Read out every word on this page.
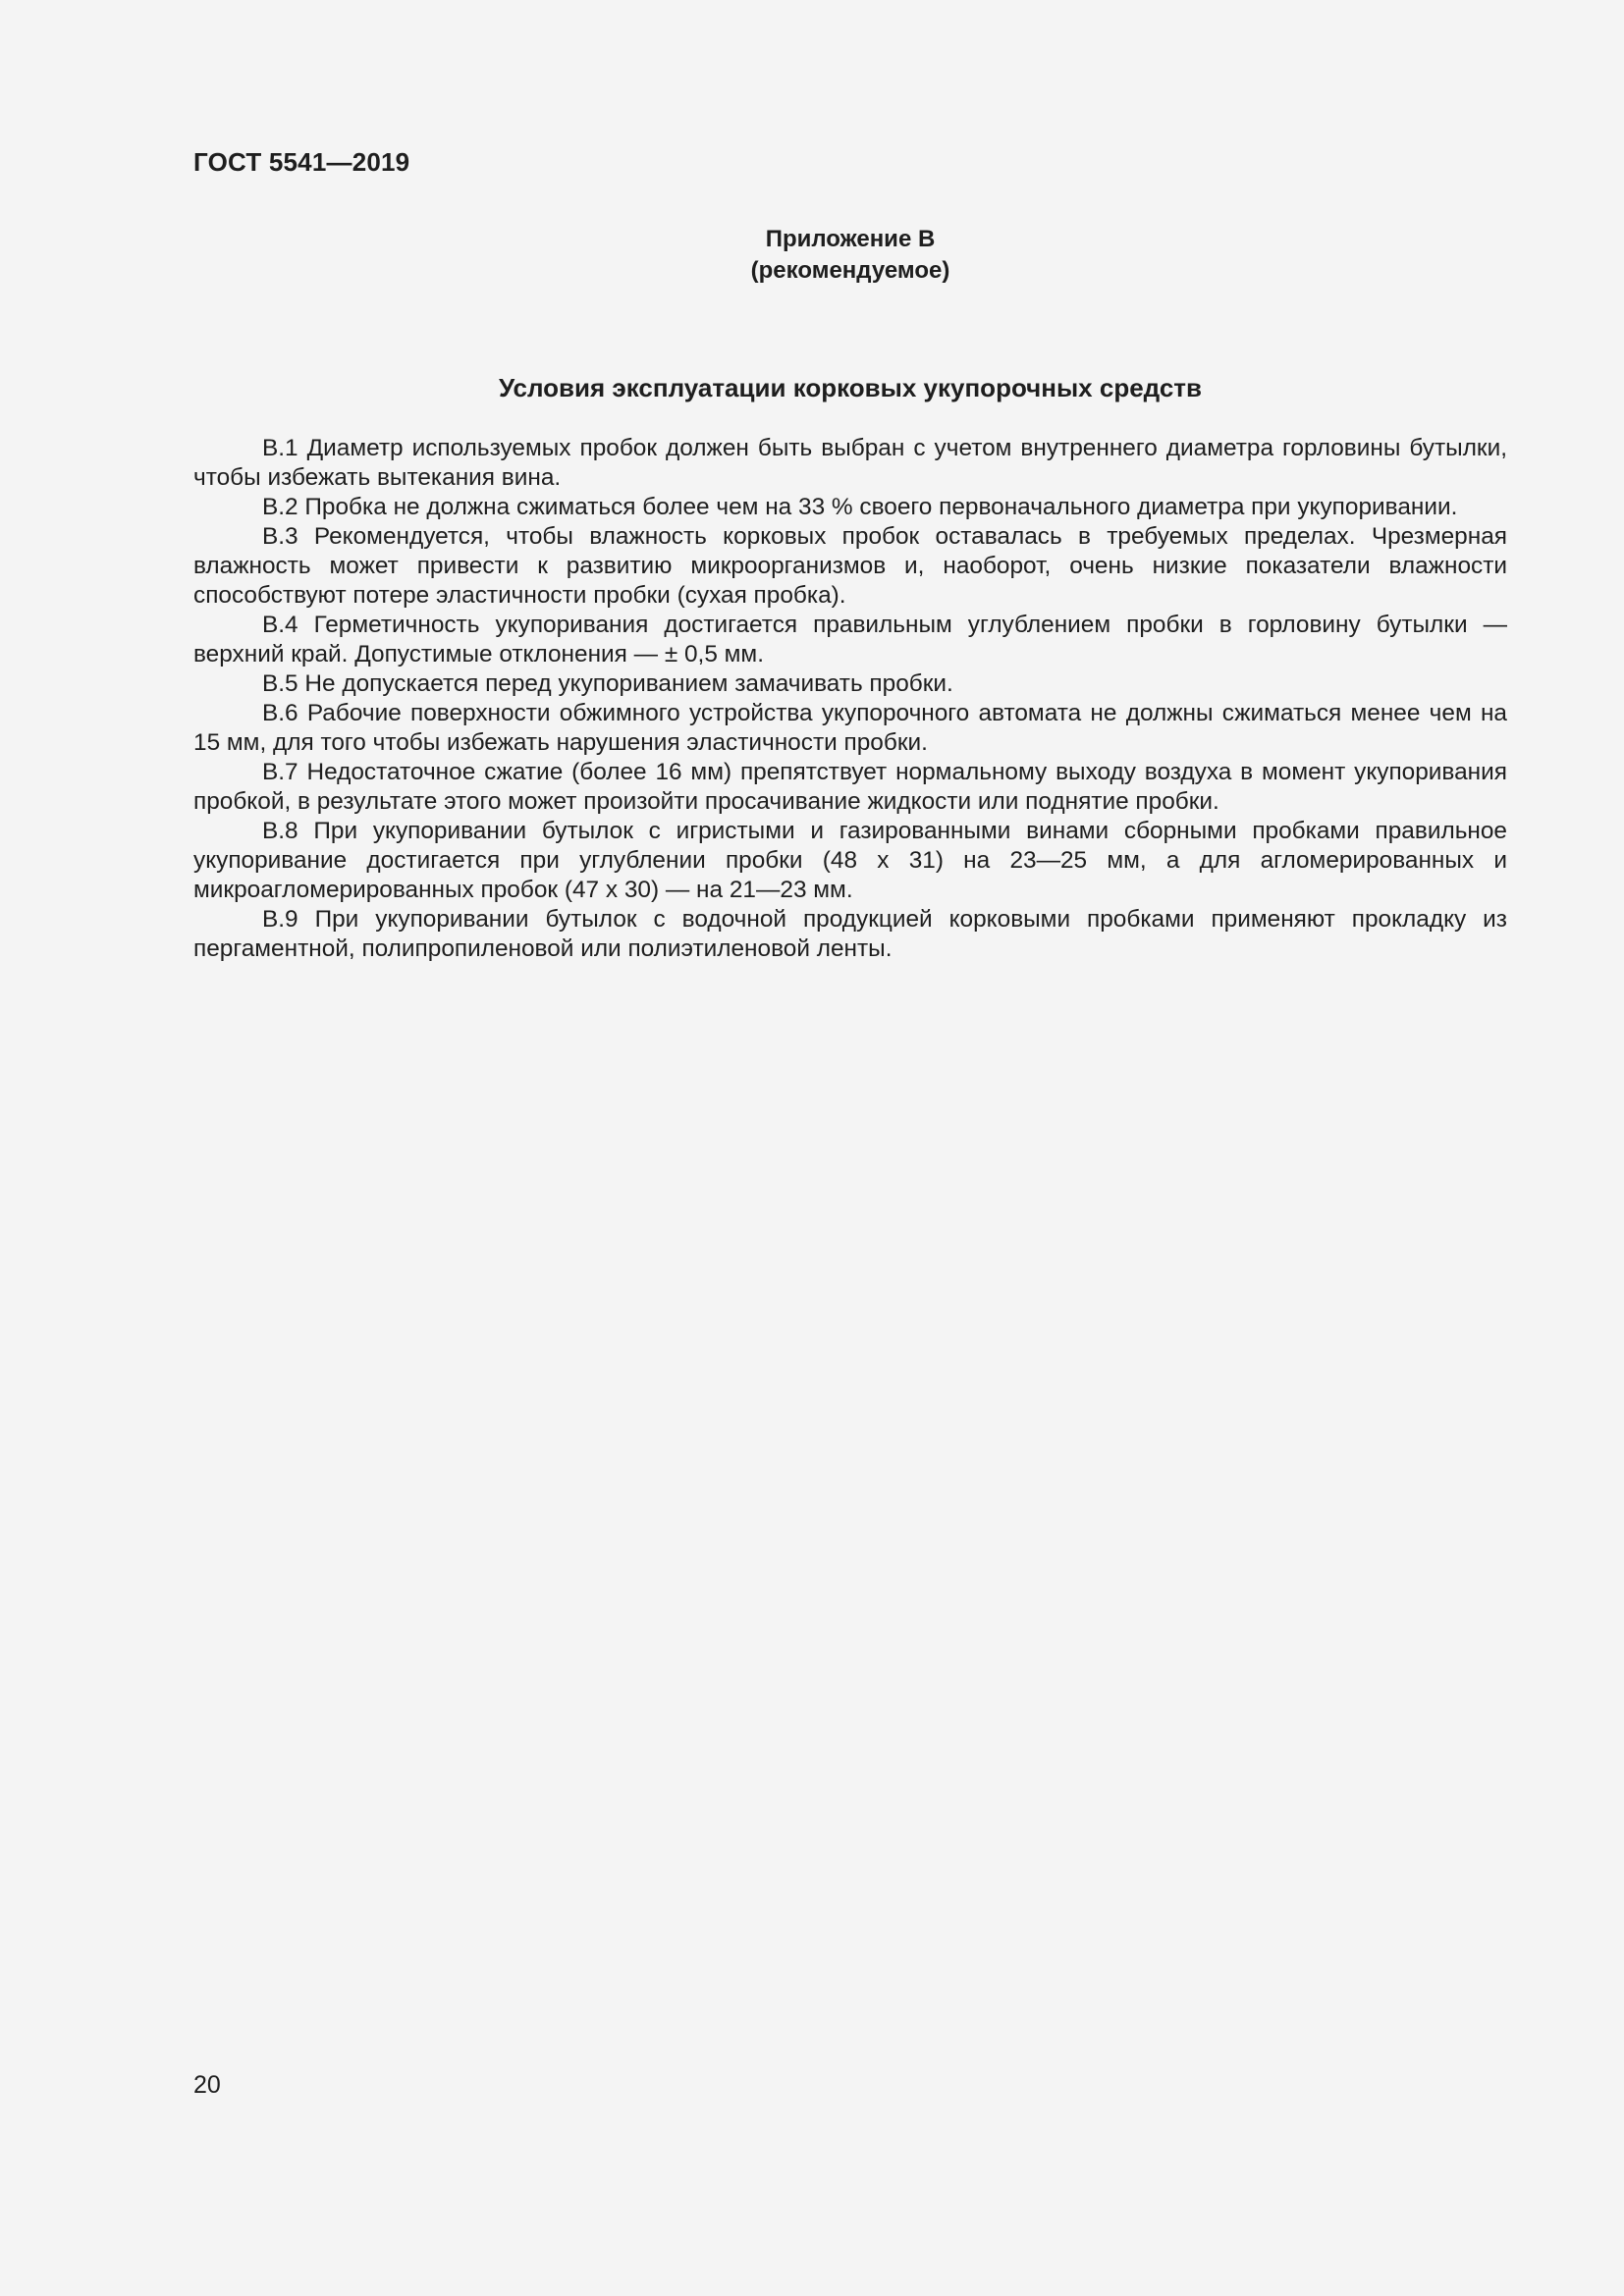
ГОСТ 5541—2019
Приложение В
(рекомендуемое)
Условия эксплуатации корковых укупорочных средств

В.1 Диаметр используемых пробок должен быть выбран с учетом внутреннего диаметра горловины бутылки, чтобы избежать вытекания вина.

В.2 Пробка не должна сжиматься более чем на 33 % своего первоначального диаметра при укупоривании.

В.3 Рекомендуется, чтобы влажность корковых пробок оставалась в требуемых пределах. Чрезмерная влажность может привести к развитию микроорганизмов и, наоборот, очень низкие показатели влажности способствуют потере эластичности пробки (сухая пробка).

В.4 Герметичность укупоривания достигается правильным углублением пробки в горловину бутылки — верхний край. Допустимые отклонения — ± 0,5 мм.

В.5 Не допускается перед укупориванием замачивать пробки.

В.6 Рабочие поверхности обжимного устройства укупорочного автомата не должны сжиматься менее чем на 15 мм, для того чтобы избежать нарушения эластичности пробки.

В.7 Недостаточное сжатие (более 16 мм) препятствует нормальному выходу воздуха в момент укупоривания пробкой, в результате этого может произойти просачивание жидкости или поднятие пробки.

В.8 При укупоривании бутылок с игристыми и газированными винами сборными пробками правильное укупоривание достигается при углублении пробки (48 х 31) на 23—25 мм, а для агломерированных и микроагломерированных пробок (47 х 30) — на 21—23 мм.

В.9 При укупоривании бутылок с водочной продукцией корковыми пробками применяют прокладку из пергаментной, полипропиленовой или полиэтиленовой ленты.

20
